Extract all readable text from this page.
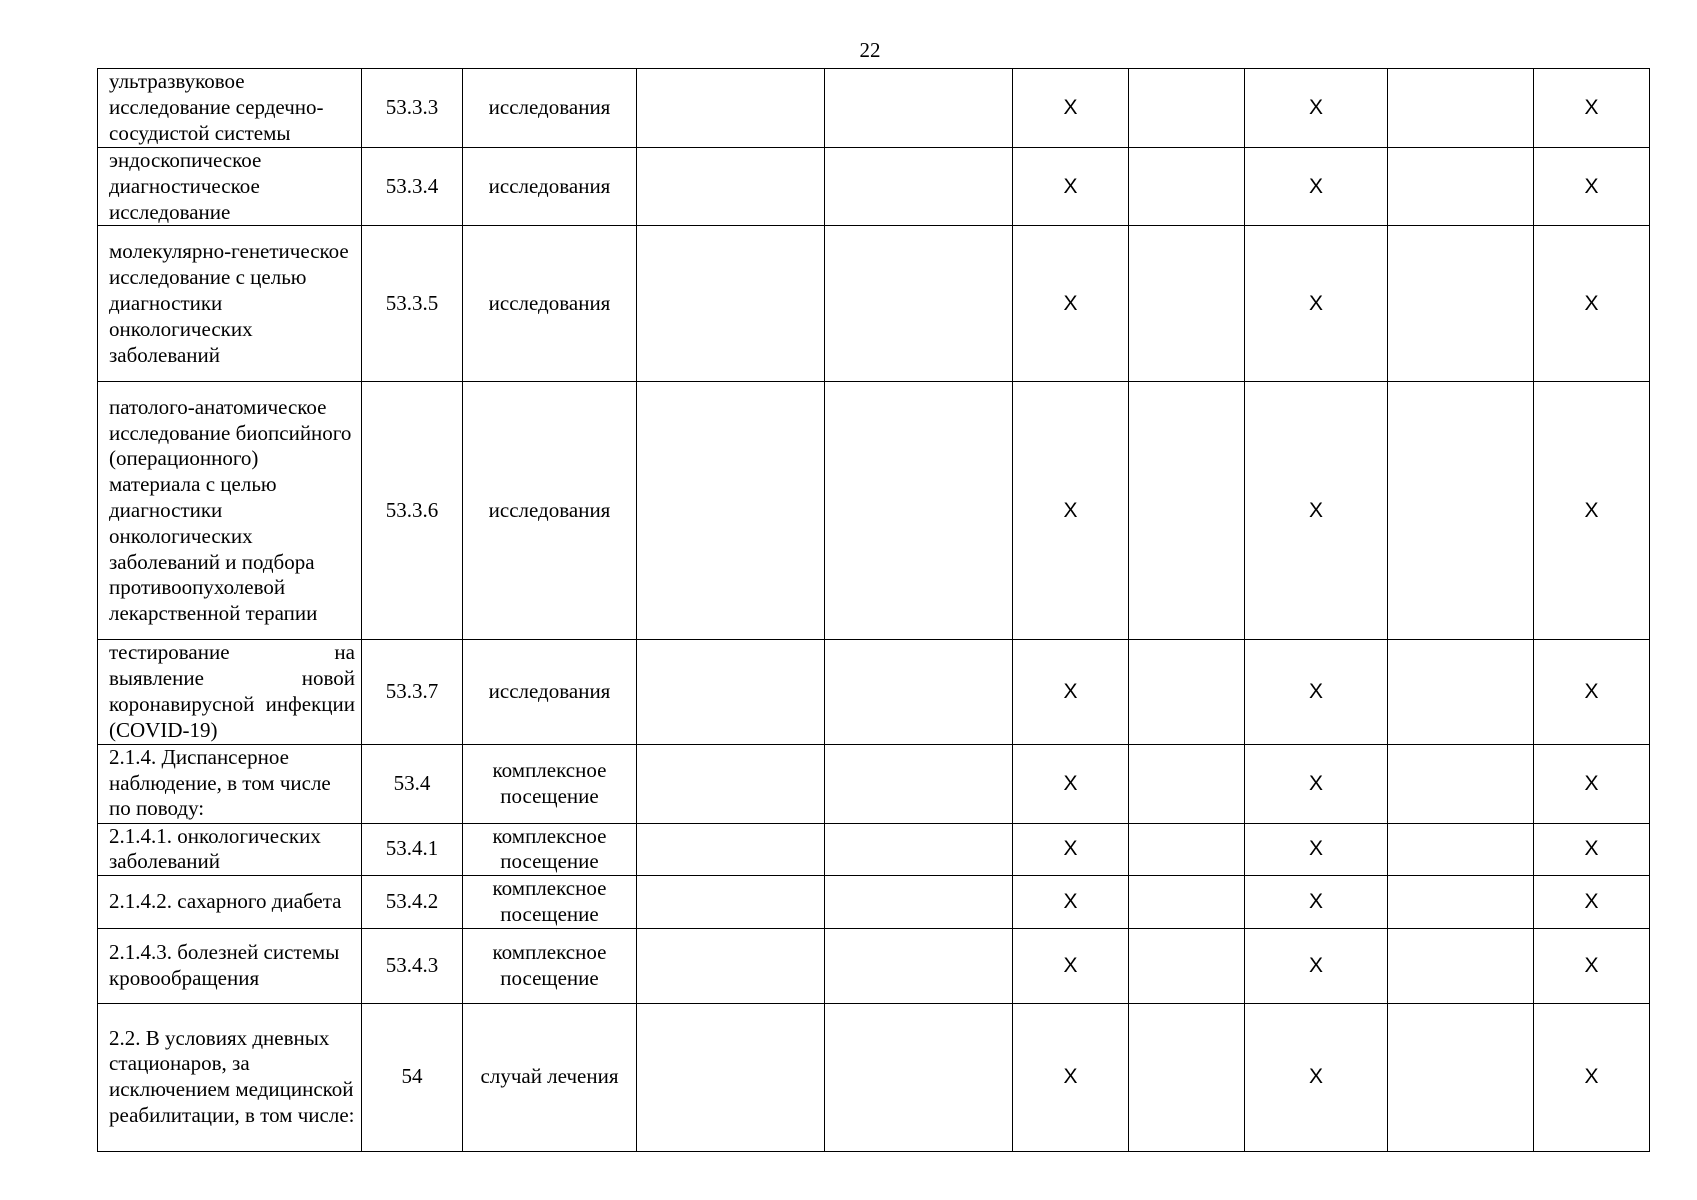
22
ультразвуковое исследование сердечно-сосудистой системы	53.3.3	исследования			X		X		X
эндоскопическое диагностическое исследование	53.3.4	исследования			X		X		X
молекулярно-генетическое исследование с целью диагностики онкологических заболеваний	53.3.5	исследования			X		X		X
патолого-анатомическое исследование биопсийного (операционного) материала с целью диагностики онкологических заболеваний и подбора противоопухолевой лекарственной терапии	53.3.6	исследования			X		X		X
тестирование на выявление новой коронавирусной инфекции (COVID-19)	53.3.7	исследования			X		X		X
2.1.4. Диспансерное наблюдение, в том числе по поводу:	53.4	комплексное посещение			X		X		X
2.1.4.1. онкологических заболеваний	53.4.1	комплексное посещение			X		X		X
2.1.4.2. сахарного диабета	53.4.2	комплексное посещение			X		X		X
2.1.4.3. болезней системы кровообращения	53.4.3	комплексное посещение			X		X		X
2.2. В условиях дневных стационаров, за исключением медицинской реабилитации, в том числе:	54	случай лечения			X		X		X
